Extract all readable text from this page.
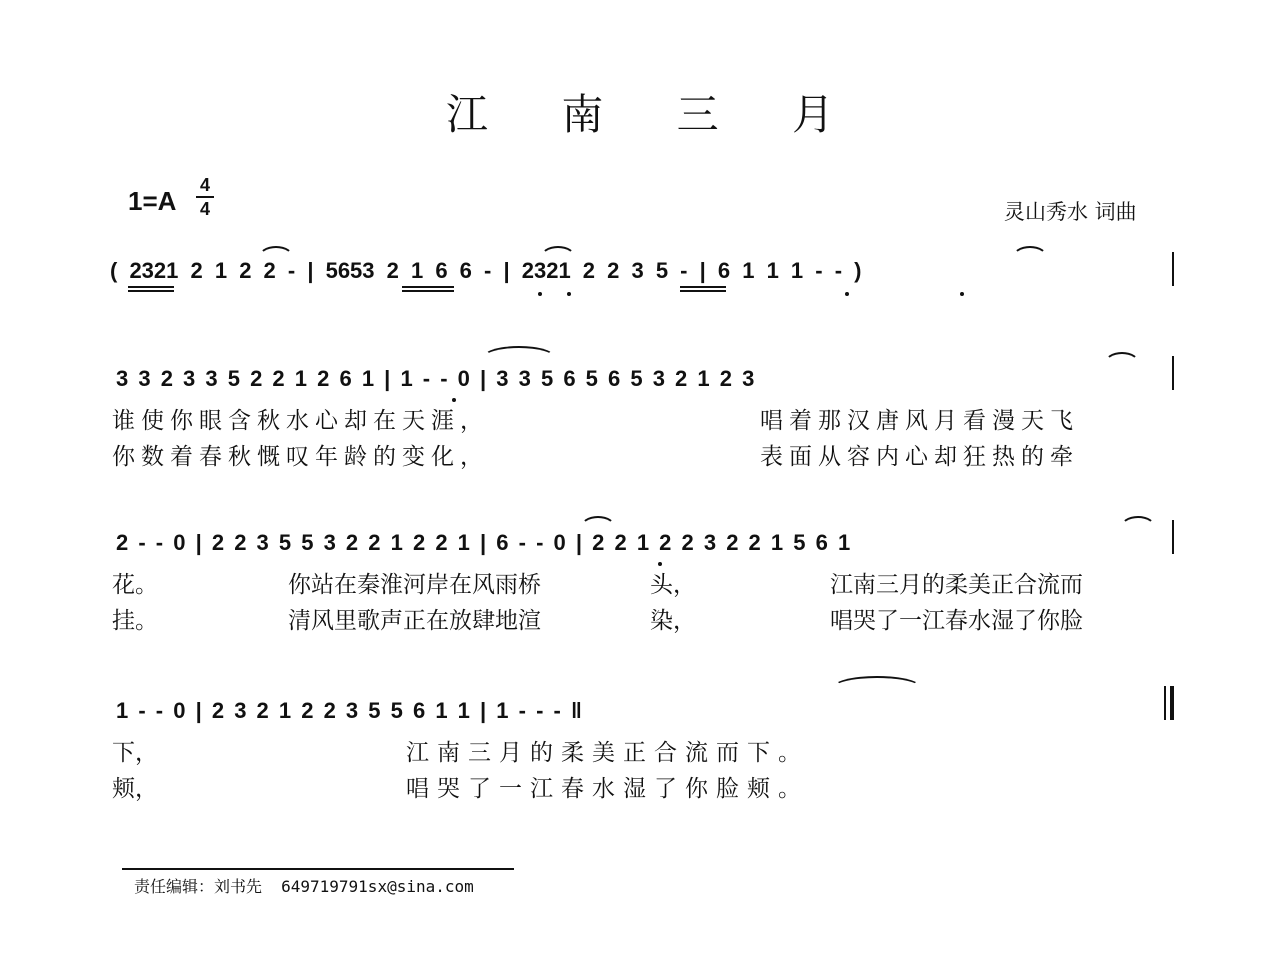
江 南 三 月
1=A
4
4	灵山秀水 词曲
( 2321 2 1 2 2 - | 5653 2 1 6 6 - | 2321 2 2 3 5 - | 6 1 1 1 - - )
3 3 2 3 3 5 2 2 1 2 6 1 | 1 - - 0 | 3 3 5 6 5 6 5 3 2 1 2 3
谁使你眼含秋水心却在天涯，	唱着那汉唐风月看漫天飞
你数着春秋慨叹年龄的变化，	表面从容内心却狂热的牵
2 - - 0 | 2 2 3 5 5 3 2 2 1 2 2 1 | 6 - - 0 | 2 2 1 2 2 3 2 2 1 5 6 1
花。	你站在秦淮河岸在风雨桥	头，	江南三月的柔美正合流而
挂。	清风里歌声正在放肆地渲	染，	唱哭了一江春水湿了你脸
1 - - 0 | 2 3 2 1 2 2 3 5 5 6 1 1 | 1 - - - ‖
下，	江南三月的柔美正合流而下。
颊，	唱哭了一江春水湿了你脸颊。
责任编辑：刘书先 649719791sx@sina.com
